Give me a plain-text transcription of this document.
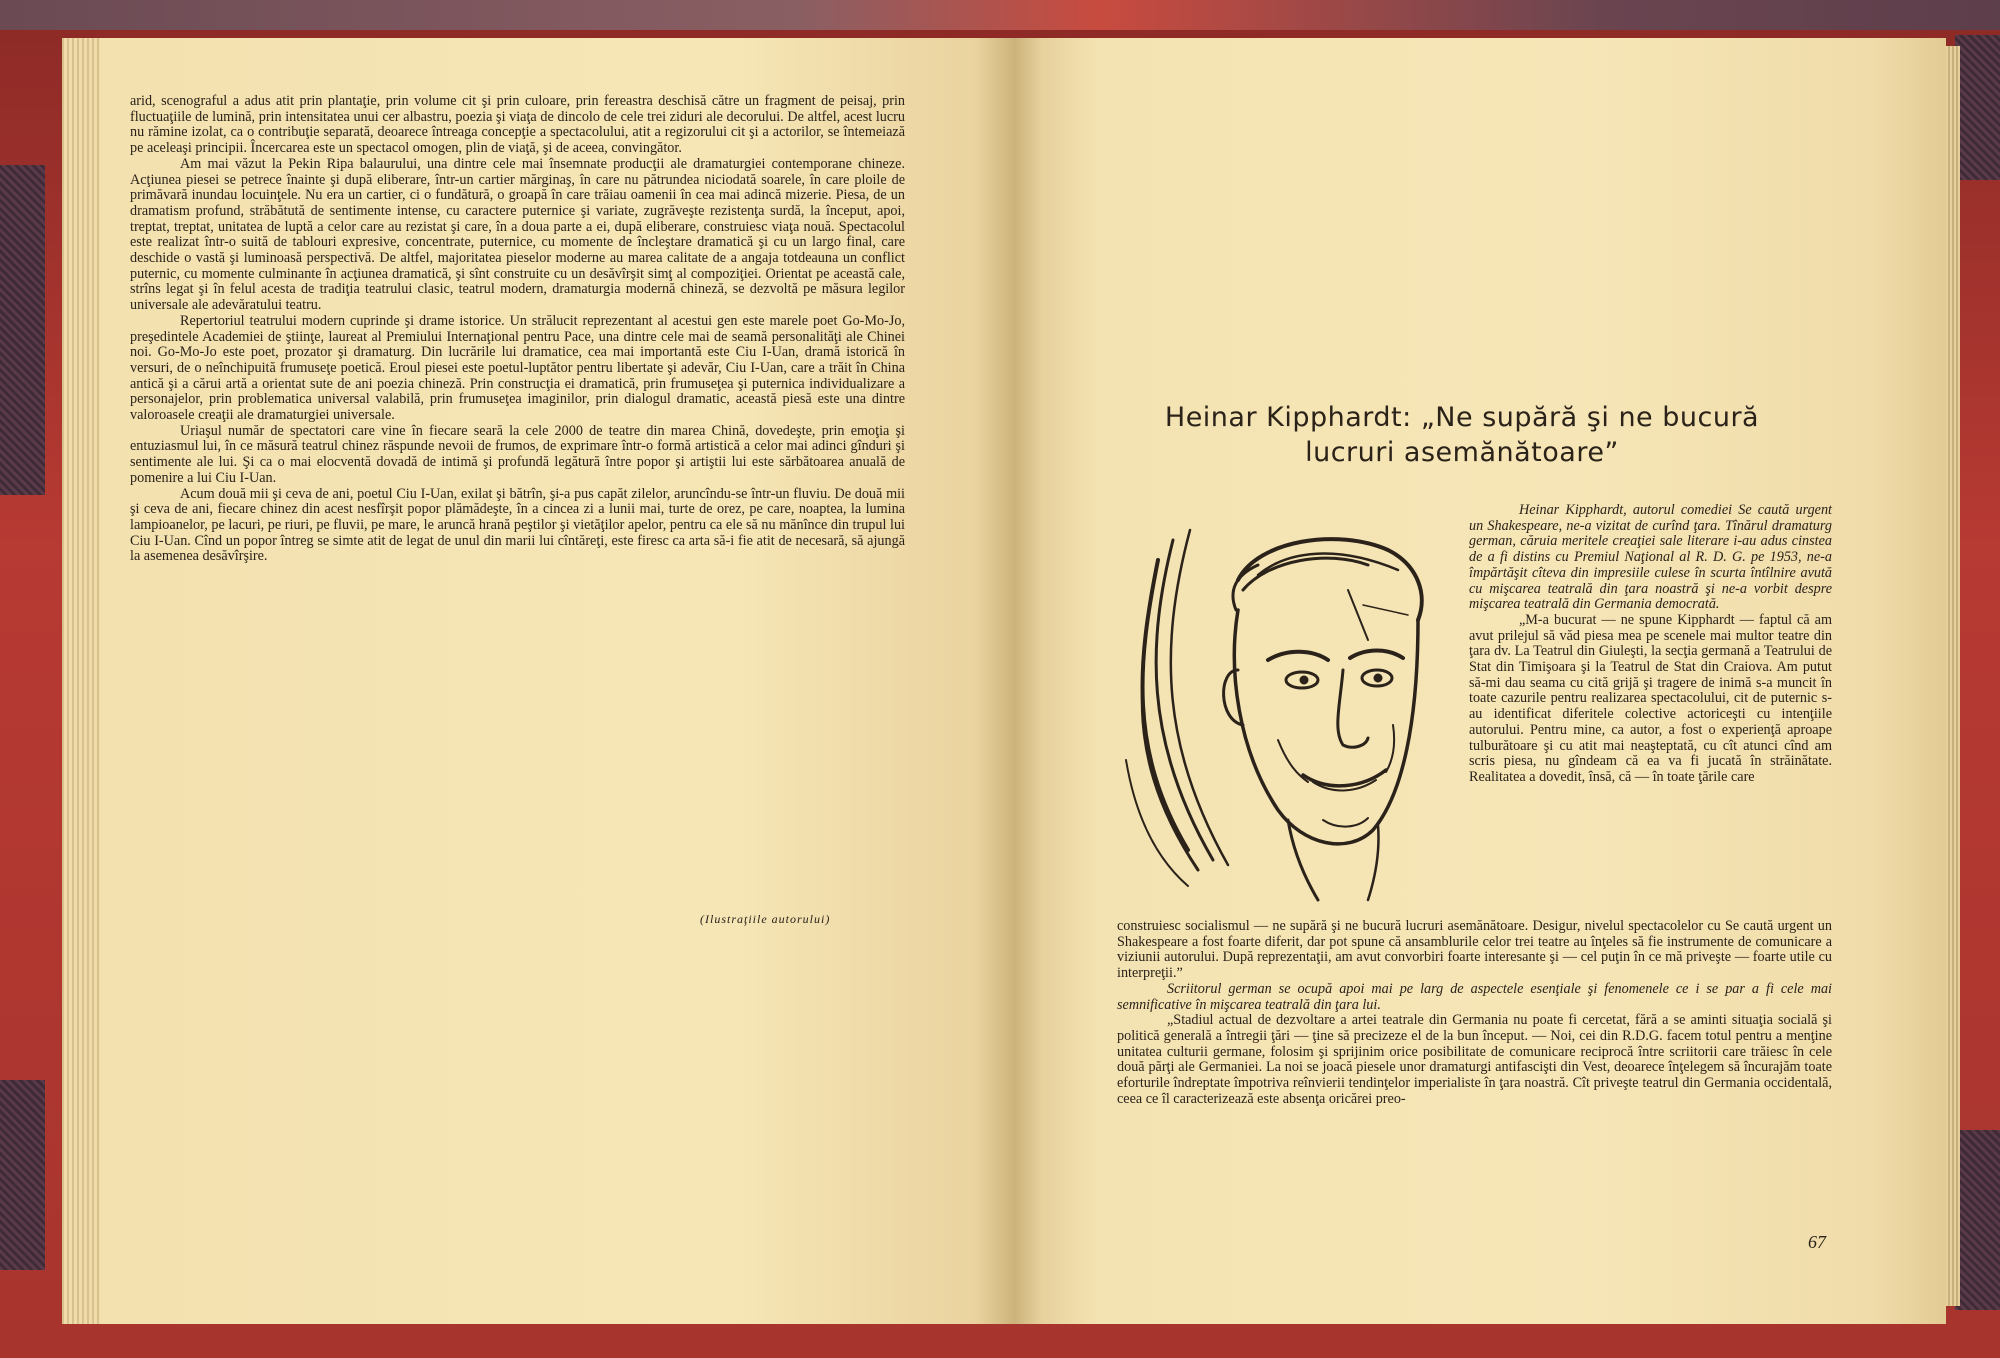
arid, scenograful a adus atit prin plantaţie, prin volume cit şi prin culoare, prin fereastra deschisă către un fragment de peisaj, prin fluctuaţiile de lumină, prin intensitatea unui cer albastru, poezia şi viaţa de dincolo de cele trei ziduri ale decorului. De altfel, acest lucru nu rămine izolat, ca o contribuţie separată, deoarece întreaga concepţie a spectacolului, atit a regizorului cit şi a actorilor, se întemeiază pe aceleaşi principii. Încercarea este un spectacol omogen, plin de viaţă, şi de aceea, convingător.

Am mai văzut la Pekin Ripa balaurului, una dintre cele mai însemnate producţii ale dramaturgiei contemporane chineze. Acţiunea piesei se petrece înainte şi după eliberare, într-un cartier mărginaş, în care nu pătrundea niciodată soarele, în care ploile de primăvară inundau locuinţele. Nu era un cartier, ci o fundătură, o groapă în care trăiau oamenii în cea mai adincă mizerie. Piesa, de un dramatism profund, străbătută de sentimente intense, cu caractere puternice şi variate, zugrăveşte rezistenţa surdă, la început, apoi, treptat, treptat, unitatea de luptă a celor care au rezistat şi care, în a doua parte a ei, după eliberare, construiesc viaţa nouă. Spectacolul este realizat într-o suită de tablouri expresive, concentrate, puternice, cu momente de încleştare dramatică şi cu un largo final, care deschide o vastă şi luminoasă perspectivă. De altfel, majoritatea pieselor moderne au marea calitate de a angaja totdeauna un conflict puternic, cu momente culminante în acţiunea dramatică, şi sînt construite cu un desăvîrşit simţ al compoziţiei. Orientat pe această cale, strîns legat şi în felul acesta de tradiţia teatrului clasic, teatrul modern, dramaturgia modernă chineză, se dezvoltă pe măsura legilor universale ale adevăratului teatru.

Repertoriul teatrului modern cuprinde şi drame istorice. Un strălucit reprezentant al acestui gen este marele poet Go-Mo-Jo, preşedintele Academiei de ştiinţe, laureat al Premiului Internaţional pentru Pace, una dintre cele mai de seamă personalităţi ale Chinei noi. Go-Mo-Jo este poet, prozator şi dramaturg. Din lucrările lui dramatice, cea mai importantă este Ciu I-Uan, dramă istorică în versuri, de o neînchipuită frumuseţe poetică. Eroul piesei este poetul-luptător pentru libertate şi adevăr, Ciu I-Uan, care a trăit în China antică şi a cărui artă a orientat sute de ani poezia chineză. Prin construcţia ei dramatică, prin frumuseţea şi puternica individualizare a personajelor, prin problematica universal valabilă, prin frumuseţea imaginilor, prin dialogul dramatic, această piesă este una dintre valoroasele creaţii ale dramaturgiei universale.

Uriaşul număr de spectatori care vine în fiecare seară la cele 2000 de teatre din marea Chină, dovedeşte, prin emoţia şi entuziasmul lui, în ce măsură teatrul chinez răspunde nevoii de frumos, de exprimare într-o formă artistică a celor mai adinci gînduri şi sentimente ale lui. Şi ca o mai elocventă dovadă de intimă şi profundă legătură între popor şi artiştii lui este sărbătoarea anuală de pomenire a lui Ciu I-Uan.

Acum două mii şi ceva de ani, poetul Ciu I-Uan, exilat şi bătrîn, şi-a pus capăt zilelor, aruncîndu-se într-un fluviu. De două mii şi ceva de ani, fiecare chinez din acest nesfîrşit popor plămădeşte, în a cincea zi a lunii mai, turte de orez, pe care, noaptea, la lumina lampioanelor, pe lacuri, pe riuri, pe fluvii, pe mare, le aruncă hrană peştilor şi vietăţilor apelor, pentru ca ele să nu mănînce din trupul lui Ciu I-Uan. Cînd un popor întreg se simte atit de legat de unul din marii lui cîntăreţi, este firesc ca arta să-i fie atit de necesară, să ajungă la asemenea desăvîrşire.

(Ilustraţiile autorului)
Heinar Kipphardt: „Ne supără şi ne bucură
lucruri asemănătoare”

Heinar Kipphardt, autorul comediei Se caută urgent un Shakespeare, ne-a vizitat de curînd ţara. Tînărul dramaturg german, căruia meritele creaţiei sale literare i-au adus cinstea de a fi distins cu Premiul Naţional al R. D. G. pe 1953, ne-a împărtăşit cîteva din impresiile culese în scurta întîlnire avută cu mişcarea teatrală din ţara noastră şi ne-a vorbit despre mişcarea teatrală din Germania democrată.

„M-a bucurat — ne spune Kipphardt — faptul că am avut prilejul să văd piesa mea pe scenele mai multor teatre din ţara dv. La Teatrul din Giuleşti, la secţia germană a Teatrului de Stat din Timişoara şi la Teatrul de Stat din Craiova. Am putut să-mi dau seama cu cită grijă şi tragere de inimă s-a muncit în toate cazurile pentru realizarea spectacolului, cit de puternic s-au identificat diferitele colective actoriceşti cu intenţiile autorului. Pentru mine, ca autor, a fost o experienţă aproape tulburătoare şi cu atit mai neaşteptată, cu cît atunci cînd am scris piesa, nu gîndeam că ea va fi jucată în străinătate. Realitatea a dovedit, însă, că — în toate ţările care

construiesc socialismul — ne supără şi ne bucură lucruri asemănătoare. Desigur, nivelul spectacolelor cu Se caută urgent un Shakespeare a fost foarte diferit, dar pot spune că ansamblurile celor trei teatre au înţeles să fie instrumente de comunicare a viziunii autorului. După reprezentaţii, am avut convorbiri foarte interesante şi — cel puţin în ce mă priveşte — foarte utile cu interpreţii.”

Scriitorul german se ocupă apoi mai pe larg de aspectele esenţiale şi fenomenele ce i se par a fi cele mai semnificative în mişcarea teatrală din ţara lui.

„Stadiul actual de dezvoltare a artei teatrale din Germania nu poate fi cercetat, fără a se aminti situaţia socială şi politică generală a întregii ţări — ţine să precizeze el de la bun început. — Noi, cei din R.D.G. facem totul pentru a menţine unitatea culturii germane, folosim şi sprijinim orice posibilitate de comunicare reciprocă între scriitorii care trăiesc în cele două părţi ale Germaniei. La noi se joacă piesele unor dramaturgi antifascişti din Vest, deoarece înţelegem să încurajăm toate eforturile îndreptate împotriva reînvierii tendinţelor imperialiste în ţara noastră. Cît priveşte teatrul din Germania occidentală, ceea ce îl caracterizează este absenţa oricărei preo-

67
